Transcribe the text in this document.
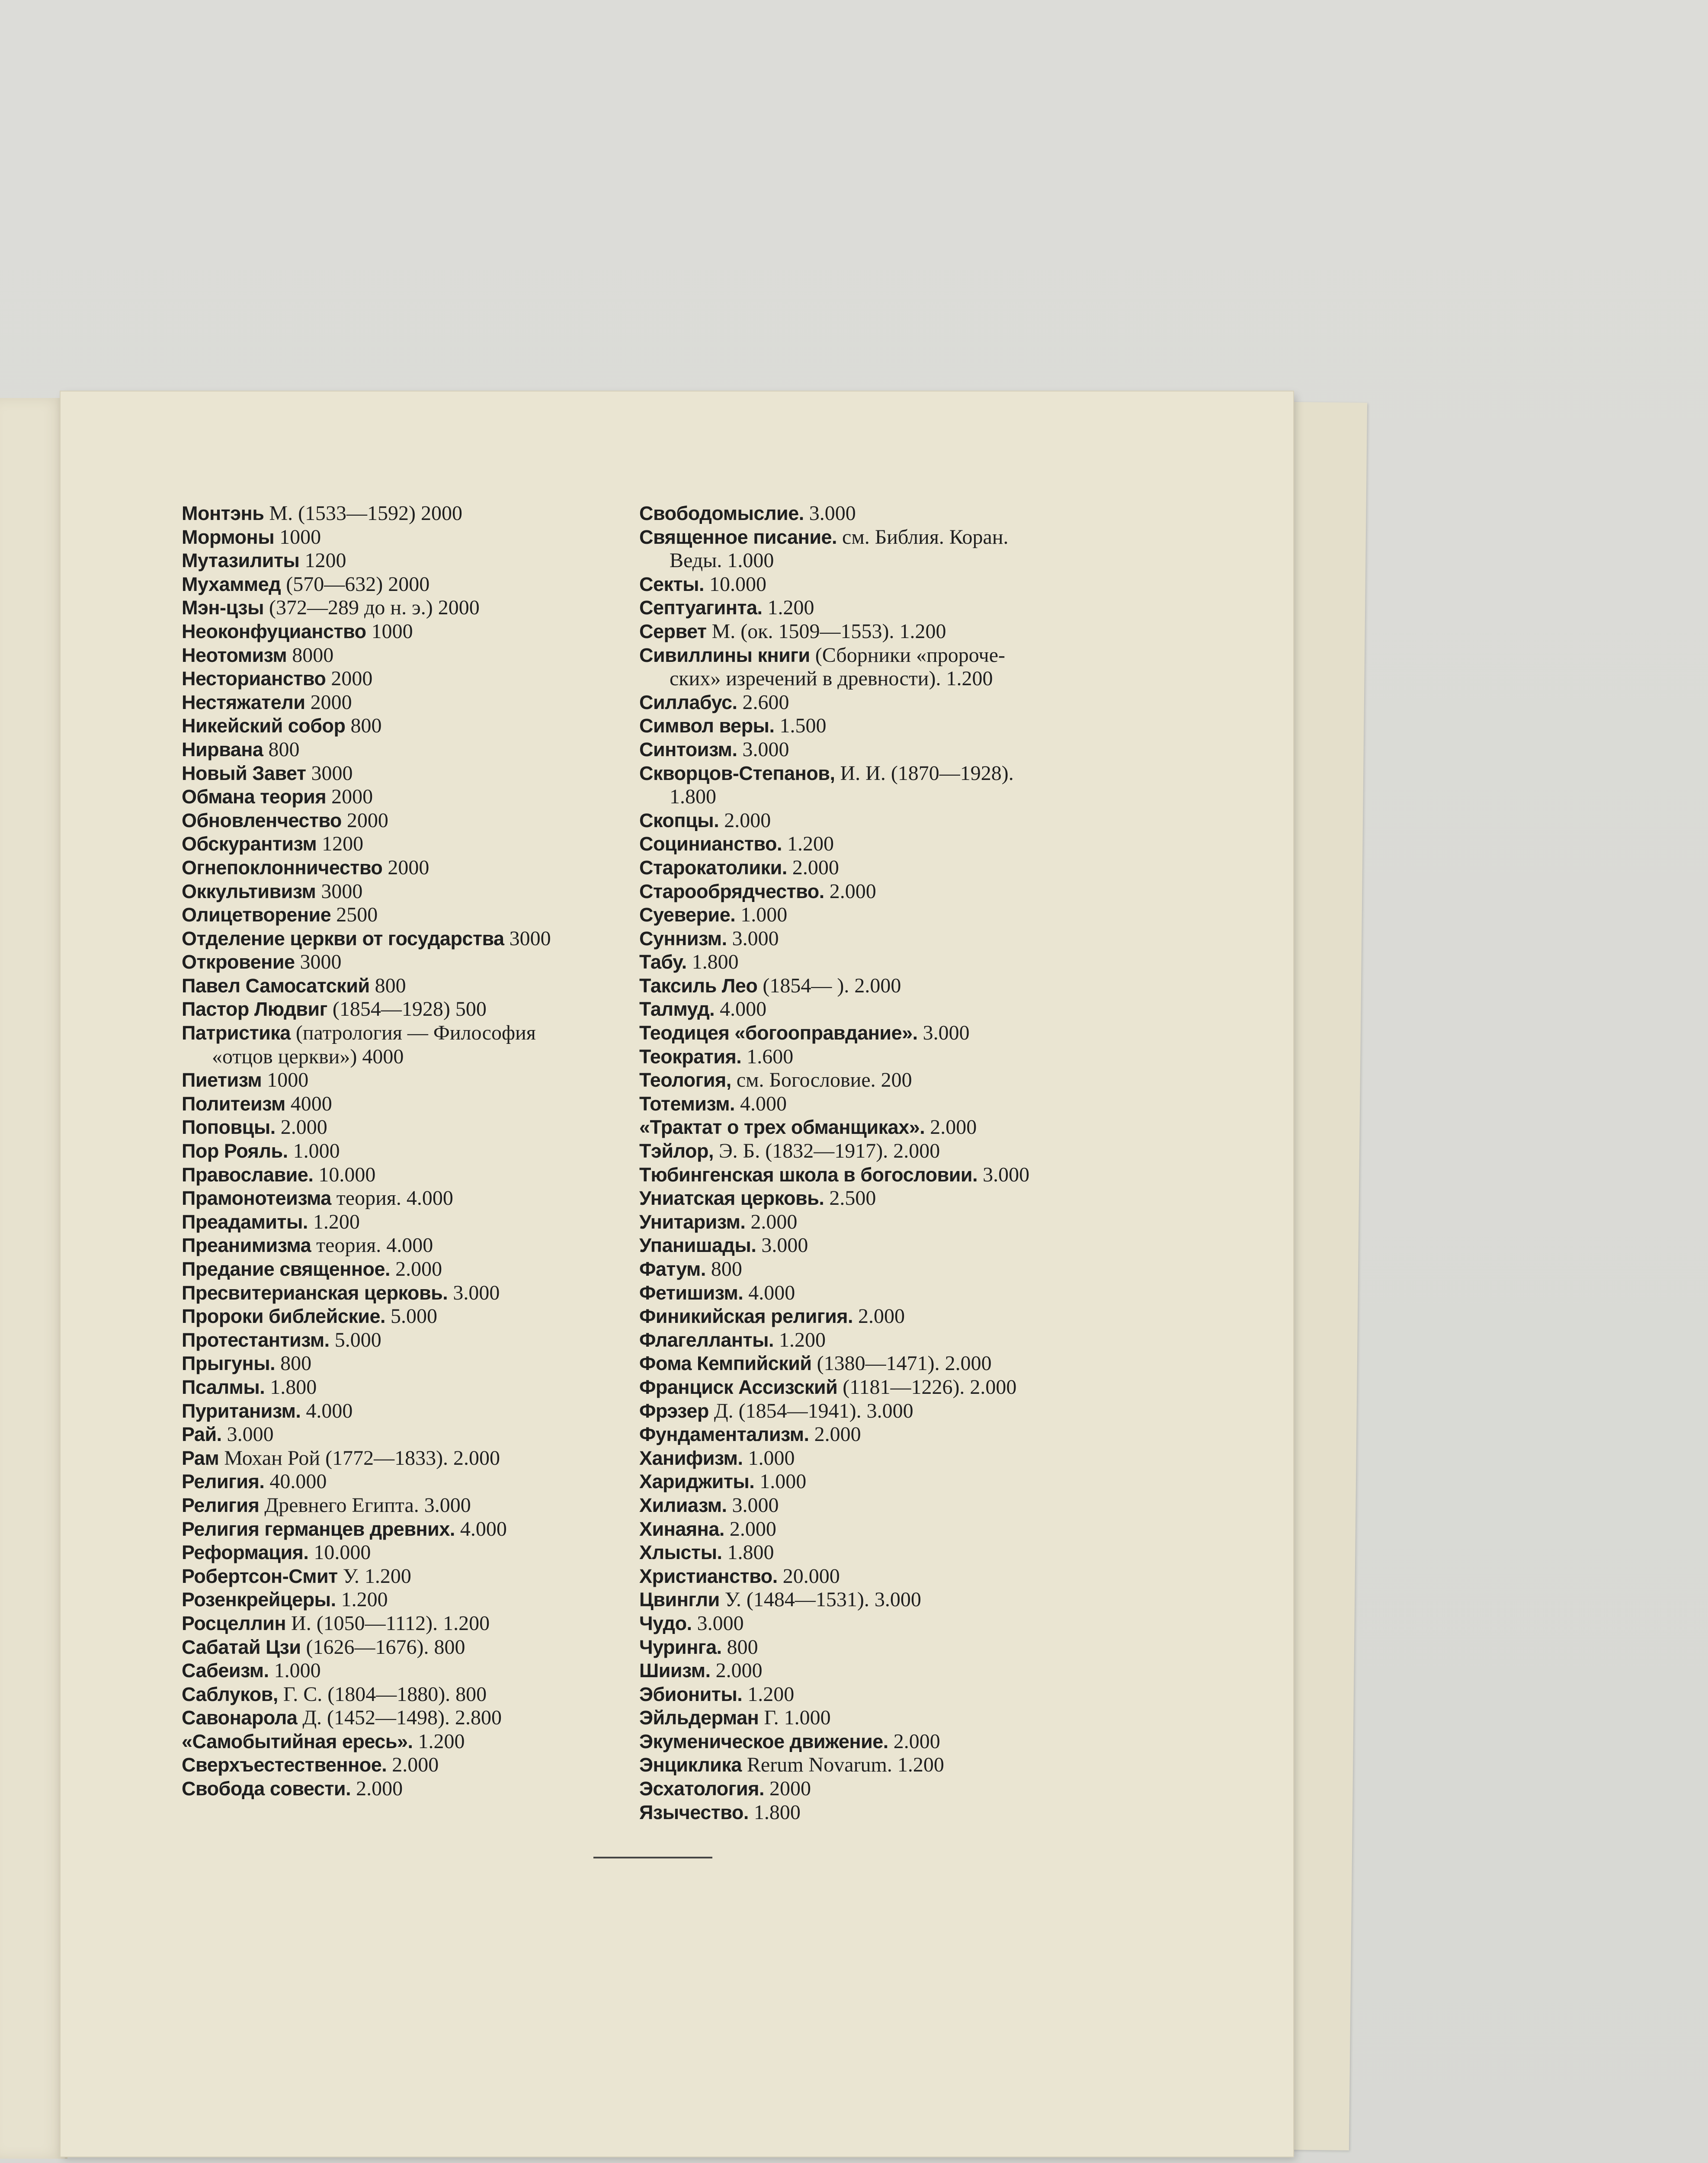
Монтэнь М. (1533—1592) 2000
Мормоны 1000
Мутазилиты 1200
Мухаммед (570—632) 2000
Мэн-цзы (372—289 до н. э.) 2000
Неоконфуцианство 1000
Неотомизм 8000
Несторианство 2000
Нестяжатели 2000
Никейский собор 800
Нирвана 800
Новый Завет 3000
Обмана теория 2000
Обновленчество 2000
Обскурантизм 1200
Огнепоклонничество 2000
Оккультивизм 3000
Олицетворение 2500
Отделение церкви от государства 3000
Откровение 3000
Павел Самосатский 800
Пастор Людвиг (1854—1928) 500
Патристика (патрология — Философия
«отцов церкви») 4000
Пиетизм 1000
Политеизм 4000
Поповцы. 2.000
Пор Рояль. 1.000
Православие. 10.000
Прамонотеизма теория. 4.000
Преадамиты. 1.200
Преанимизма теория. 4.000
Предание священное. 2.000
Пресвитерианская церковь. 3.000
Пророки библейские. 5.000
Протестантизм. 5.000
Прыгуны. 800
Псалмы. 1.800
Пуританизм. 4.000
Рай. 3.000
Рам Мохан Рой (1772—1833). 2.000
Религия. 40.000
Религия Древнего Египта. 3.000
Религия германцев древних. 4.000
Реформация. 10.000
Робертсон-Смит У. 1.200
Розенкрейцеры. 1.200
Росцеллин И. (1050—1112). 1.200
Сабатай Цзи (1626—1676). 800
Сабеизм. 1.000
Саблуков, Г. С. (1804—1880). 800
Савонарола Д. (1452—1498). 2.800
«Самобытийная ересь». 1.200
Сверхъестественное. 2.000
Свобода совести. 2.000
Свободомыслие. 3.000
Священное писание. см. Библия. Коран.
Веды. 1.000
Секты. 10.000
Септуагинта. 1.200
Сервет М. (ок. 1509—1553). 1.200
Сивиллины книги (Сборники «пророче-
ских» изречений в древности). 1.200
Силлабус. 2.600
Символ веры. 1.500
Синтоизм. 3.000
Скворцов-Степанов, И. И. (1870—1928).
1.800
Скопцы. 2.000
Социнианство. 1.200
Старокатолики. 2.000
Старообрядчество. 2.000
Суеверие. 1.000
Суннизм. 3.000
Табу. 1.800
Таксиль Лео (1854— ). 2.000
Талмуд. 4.000
Теодицея «богооправдание». 3.000
Теократия. 1.600
Теология, см. Богословие. 200
Тотемизм. 4.000
«Трактат о трех обманщиках». 2.000
Тэйлор, Э. Б. (1832—1917). 2.000
Тюбингенская школа в богословии. 3.000
Униатская церковь. 2.500
Унитаризм. 2.000
Упанишады. 3.000
Фатум. 800
Фетишизм. 4.000
Финикийская религия. 2.000
Флагелланты. 1.200
Фома Кемпийский (1380—1471). 2.000
Франциск Ассизский (1181—1226). 2.000
Фрэзер Д. (1854—1941). 3.000
Фундаментализм. 2.000
Ханифизм. 1.000
Хариджиты. 1.000
Хилиазм. 3.000
Хинаяна. 2.000
Хлысты. 1.800
Христианство. 20.000
Цвингли У. (1484—1531). 3.000
Чудо. 3.000
Чуринга. 800
Шиизм. 2.000
Эбиониты. 1.200
Эйльдерман Г. 1.000
Экуменическое движение. 2.000
Энциклика Rerum Novarum. 1.200
Эсхатология. 2000
Язычество. 1.800
